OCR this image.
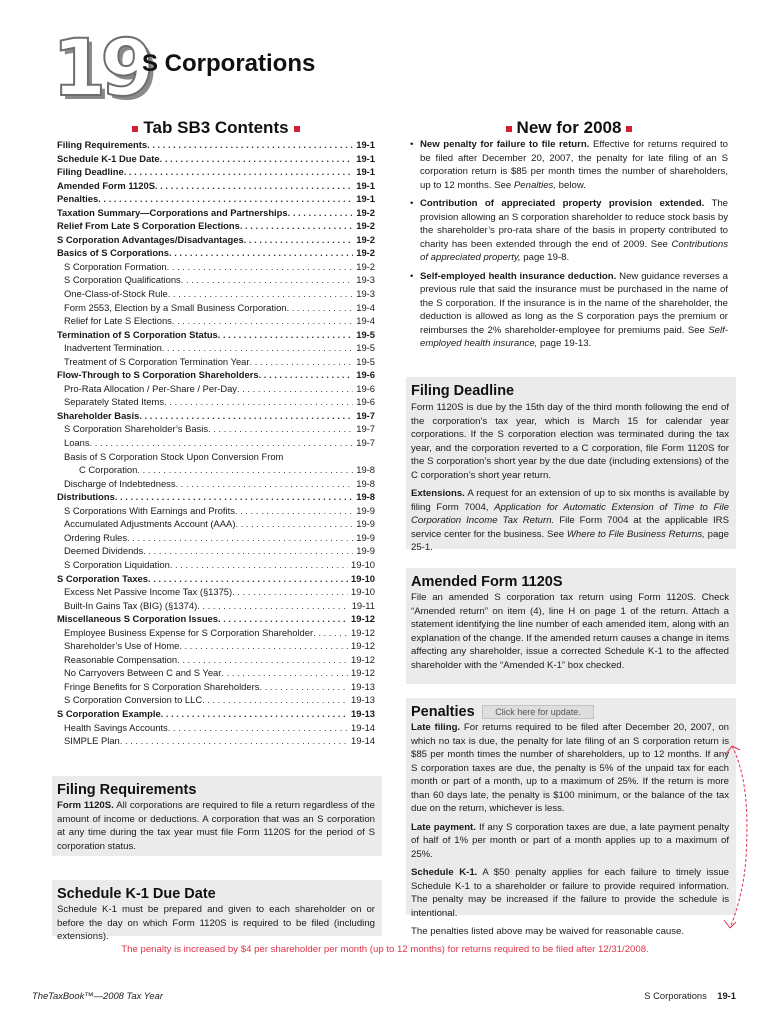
19
S Corporations
Tab SB3 Contents
Filing Requirements . . .	19-1
Schedule K-1 Due Date . . .	19-1
Filing Deadline . . .	19-1
Amended Form 1120S . . .	19-1
Penalties . . .	19-1
Taxation Summary—Corporations and Partnerships . . .	19-2
Relief From Late S Corporation Elections . . .	19-2
S Corporation Advantages/Disadvantages . . .	19-2
Basics of S Corporations . . .	19-2
S Corporation Formation . . .	19-2
S Corporation Qualifications . . .	19-3
One-Class-of-Stock Rule . . .	19-3
Form 2553, Election by a Small Business Corporation . . .	19-4
Relief for Late S Elections . . .	19-4
Termination of S Corporation Status . . .	19-5
Inadvertent Termination . . .	19-5
Treatment of S Corporation Termination Year . . .	19-5
Flow-Through to S Corporation Shareholders . . .	19-6
Pro-Rata Allocation / Per-Share / Per-Day . . .	19-6
Separately Stated Items . . .	19-6
Shareholder Basis . . .	19-7
S Corporation Shareholder’s Basis . . .	19-7
Loans . . .	19-7
Basis of S Corporation Stock Upon Conversion From
C Corporation . . .	19-8
Discharge of Indebtedness . . .	19-8
Distributions . . .	19-8
S Corporations With Earnings and Profits . . .	19-9
Accumulated Adjustments Account (AAA) . . .	19-9
Ordering Rules . . .	19-9
Deemed Dividends . . .	19-9
S Corporation Liquidation . . .	19-10
S Corporation Taxes . . .	19-10
Excess Net Passive Income Tax (§1375) . . .	19-10
Built-In Gains Tax (BIG) (§1374) . . .	19-11
Miscellaneous S Corporation Issues . . .	19-12
Employee Business Expense for S Corporation Shareholder . . .	19-12
Shareholder’s Use of Home . . .	19-12
Reasonable Compensation . . .	19-12
No Carryovers Between C and S Year . . .	19-12
Fringe Benefits for S Corporation Shareholders . . .	19-13
S Corporation Conversion to LLC . . .	19-13
S Corporation Example . . .	19-13
Health Savings Accounts . . .	19-14
SIMPLE Plan . . .	19-14
New for 2008
• New penalty for failure to file return. Effective for returns required to be filed after December 20, 2007, the penalty for late filing of an S corporation return is $85 per month times the number of shareholders, up to 12 months. See Penalties, below.
• Contribution of appreciated property provision extended. The provision allowing an S corporation shareholder to reduce stock basis by the shareholder’s pro-rata share of the basis in property contributed to charity has been extended through the end of 2009. See Contributions of appreciated property, page 19-8.
• Self-employed health insurance deduction. New guidance reverses a previous rule that said the insurance must be purchased in the name of the S corporation. If the insurance is in the name of the shareholder, the deduction is allowed as long as the S corporation pays the premium or reimburses the 2% shareholder-employee for premiums paid. See Self-employed health insurance, page 19-13.
Filing Deadline

Form 1120S is due by the 15th day of the third month following the end of the corporation’s tax year, which is March 15 for calendar year corporations. If the S corporation election was terminated during the tax year, and the corporation reverted to a C corporation, file Form 1120S for the S corporation’s short year by the due date (including extensions) of the C corporation’s short year return.

Extensions. A request for an extension of up to six months is available by filing Form 7004, Application for Automatic Extension of Time to File Corporation Income Tax Return. File Form 7004 at the applicable IRS service center for the business. See Where to File Business Returns, page 25-1.

Amended Form 1120S
File an amended S corporation tax return using Form 1120S. Check “Amended return” on item (4), line H on page 1 of the return. Attach a statement identifying the line number of each amended item, along with an explanation of the change. If the amended return causes a change in items affecting any shareholder, issue a corrected Schedule K-1 to the affected shareholder with the “Amended K-1” box checked.
Penalties	Click here for update.

Late filing. For returns required to be filed after December 20, 2007, on which no tax is due, the penalty for late filing of an S corporation return is $85 per month times the number of shareholders, up to 12 months. If any S corporation taxes are due, the penalty is 5% of the unpaid tax for each month or part of a month, up to a maximum of 25%. If the return is more than 60 days late, the penalty is $100 minimum, or the balance of the tax due on the return, whichever is less.

Late payment. If any S corporation taxes are due, a late payment penalty of half of 1% per month or part of a month applies up to a maximum of 25%.

Schedule K-1. A $50 penalty applies for each failure to timely issue Schedule K-1 to a shareholder or failure to provide required information. The penalty may be increased if the failure to provide the schedule is intentional.

The penalties listed above may be waived for reasonable cause.

Filing Requirements
Form 1120S. All corporations are required to file a return regardless of the amount of income or deductions. A corporation that was an S corporation at any time during the tax year must file Form 1120S for the period of S corporation status.
Schedule K-1 Due Date
Schedule K-1 must be prepared and given to each shareholder on or before the day on which Form 1120S is required to be filed (including extensions).
The penalty is increased by $4 per shareholder per month (up to 12 months) for returns required to be filed after 12/31/2008.
TheTaxBook™—2008 Tax Year	S Corporations 19-1
